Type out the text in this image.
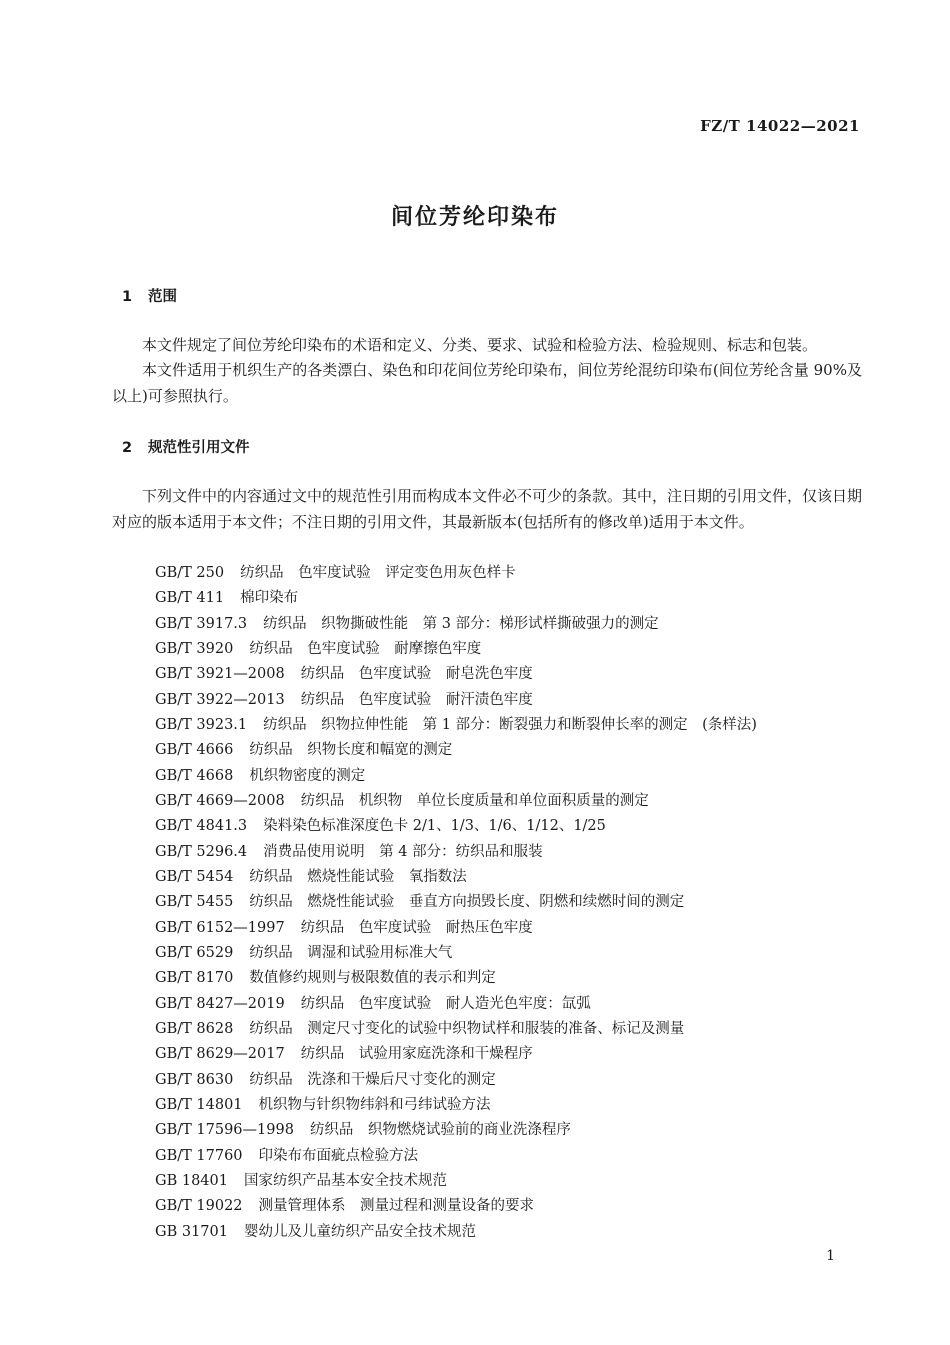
FZ/T 14022—2021
间位芳纶印染布
1 范围

本文件规定了间位芳纶印染布的术语和定义、分类、要求、试验和检验方法、检验规则、标志和包装。

本文件适用于机织生产的各类漂白、染色和印花间位芳纶印染布，间位芳纶混纺印染布(间位芳纶含量 90%及以上)可参照执行。

2 规范性引用文件

下列文件中的内容通过文中的规范性引用而构成本文件必不可少的条款。其中，注日期的引用文件，仅该日期对应的版本适用于本文件；不注日期的引用文件，其最新版本(包括所有的修改单)适用于本文件。

GB/T 250 纺织品　色牢度试验　评定变色用灰色样卡
GB/T 411 棉印染布
GB/T 3917.3 纺织品　织物撕破性能　第 3 部分：梯形试样撕破强力的测定
GB/T 3920 纺织品　色牢度试验　耐摩擦色牢度
GB/T 3921—2008 纺织品　色牢度试验　耐皂洗色牢度
GB/T 3922—2013 纺织品　色牢度试验　耐汗渍色牢度
GB/T 3923.1 纺织品　织物拉伸性能　第 1 部分：断裂强力和断裂伸长率的测定　(条样法)
GB/T 4666 纺织品　织物长度和幅宽的测定
GB/T 4668 机织物密度的测定
GB/T 4669—2008 纺织品　机织物　单位长度质量和单位面积质量的测定
GB/T 4841.3 染料染色标准深度色卡 2/1、1/3、1/6、1/12、1/25
GB/T 5296.4 消费品使用说明　第 4 部分：纺织品和服装
GB/T 5454 纺织品　燃烧性能试验　氧指数法
GB/T 5455 纺织品　燃烧性能试验　垂直方向损毁长度、阴燃和续燃时间的测定
GB/T 6152—1997 纺织品　色牢度试验　耐热压色牢度
GB/T 6529 纺织品　调湿和试验用标准大气
GB/T 8170 数值修约规则与极限数值的表示和判定
GB/T 8427—2019 纺织品　色牢度试验　耐人造光色牢度：氙弧
GB/T 8628 纺织品　测定尺寸变化的试验中织物试样和服装的准备、标记及测量
GB/T 8629—2017 纺织品　试验用家庭洗涤和干燥程序
GB/T 8630 纺织品　洗涤和干燥后尺寸变化的测定
GB/T 14801 机织物与针织物纬斜和弓纬试验方法
GB/T 17596—1998 纺织品　织物燃烧试验前的商业洗涤程序
GB/T 17760 印染布布面疵点检验方法
GB 18401 国家纺织产品基本安全技术规范
GB/T 19022 测量管理体系　测量过程和测量设备的要求
GB 31701 婴幼儿及儿童纺织产品安全技术规范
1
